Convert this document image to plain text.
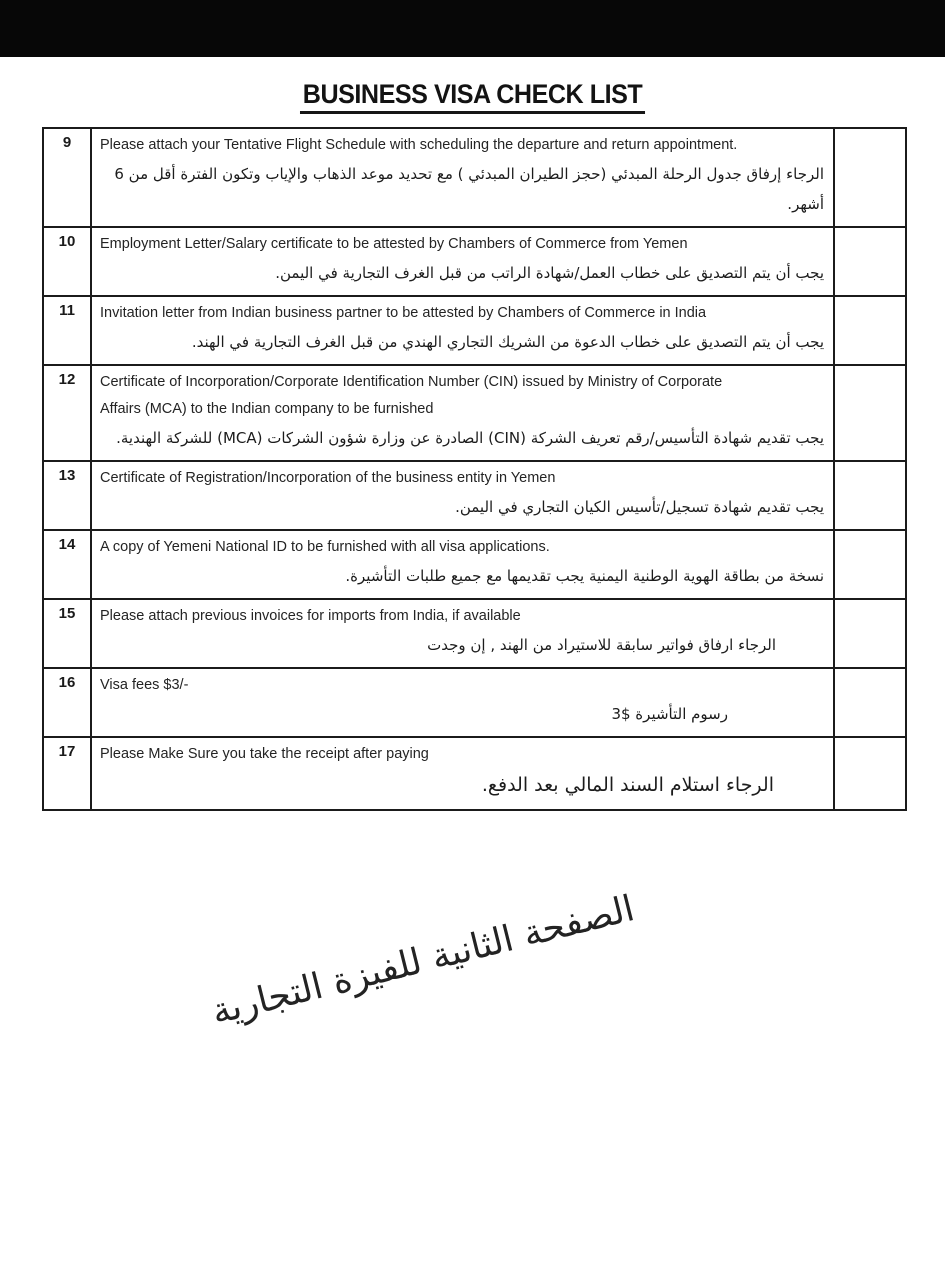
BUSINESS VISA CHECK LIST
9	Please attach your Tentative Flight Schedule with scheduling the departure and return appointment.
الرجاء إرفاق جدول الرحلة المبدئي (حجز الطيران المبدئي ) مع تحديد موعد الذهاب والإياب وتكون الفترة أقل من 6
أشهر.	

10	Employment Letter/Salary certificate to be attested by Chambers of Commerce from Yemen
يجب أن يتم التصديق على خطاب العمل/شهادة الراتب من قبل الغرف التجارية في اليمن.	

11	Invitation letter from Indian business partner to be attested by Chambers of Commerce in India
يجب أن يتم التصديق على خطاب الدعوة من الشريك التجاري الهندي من قبل الغرف التجارية في الهند.	

12	Certificate of Incorporation/Corporate Identification Number (CIN) issued by Ministry of Corporate
Affairs (MCA) to the Indian company to be furnished
يجب تقديم شهادة التأسيس/رقم تعريف الشركة (CIN) الصادرة عن وزارة شؤون الشركات (MCA) للشركة الهندية.	

13	Certificate of Registration/Incorporation of the business entity in Yemen
يجب تقديم شهادة تسجيل/تأسيس الكيان التجاري في اليمن.	

14	A copy of Yemeni National ID to be furnished with all visa applications.
نسخة من بطاقة الهوية الوطنية اليمنية يجب تقديمها مع جميع طلبات التأشيرة.	

15	Please attach previous invoices for imports from India, if available
الرجاء ارفاق فواتير سابقة للاستيراد من الهند , إن وجدت	

16	Visa fees $3/-
رسوم التأشيرة $3	

17	Please Make Sure you take the receipt after paying
الرجاء استلام السند المالي بعد الدفع.	

الصفحة الثانية للفيزة التجارية
